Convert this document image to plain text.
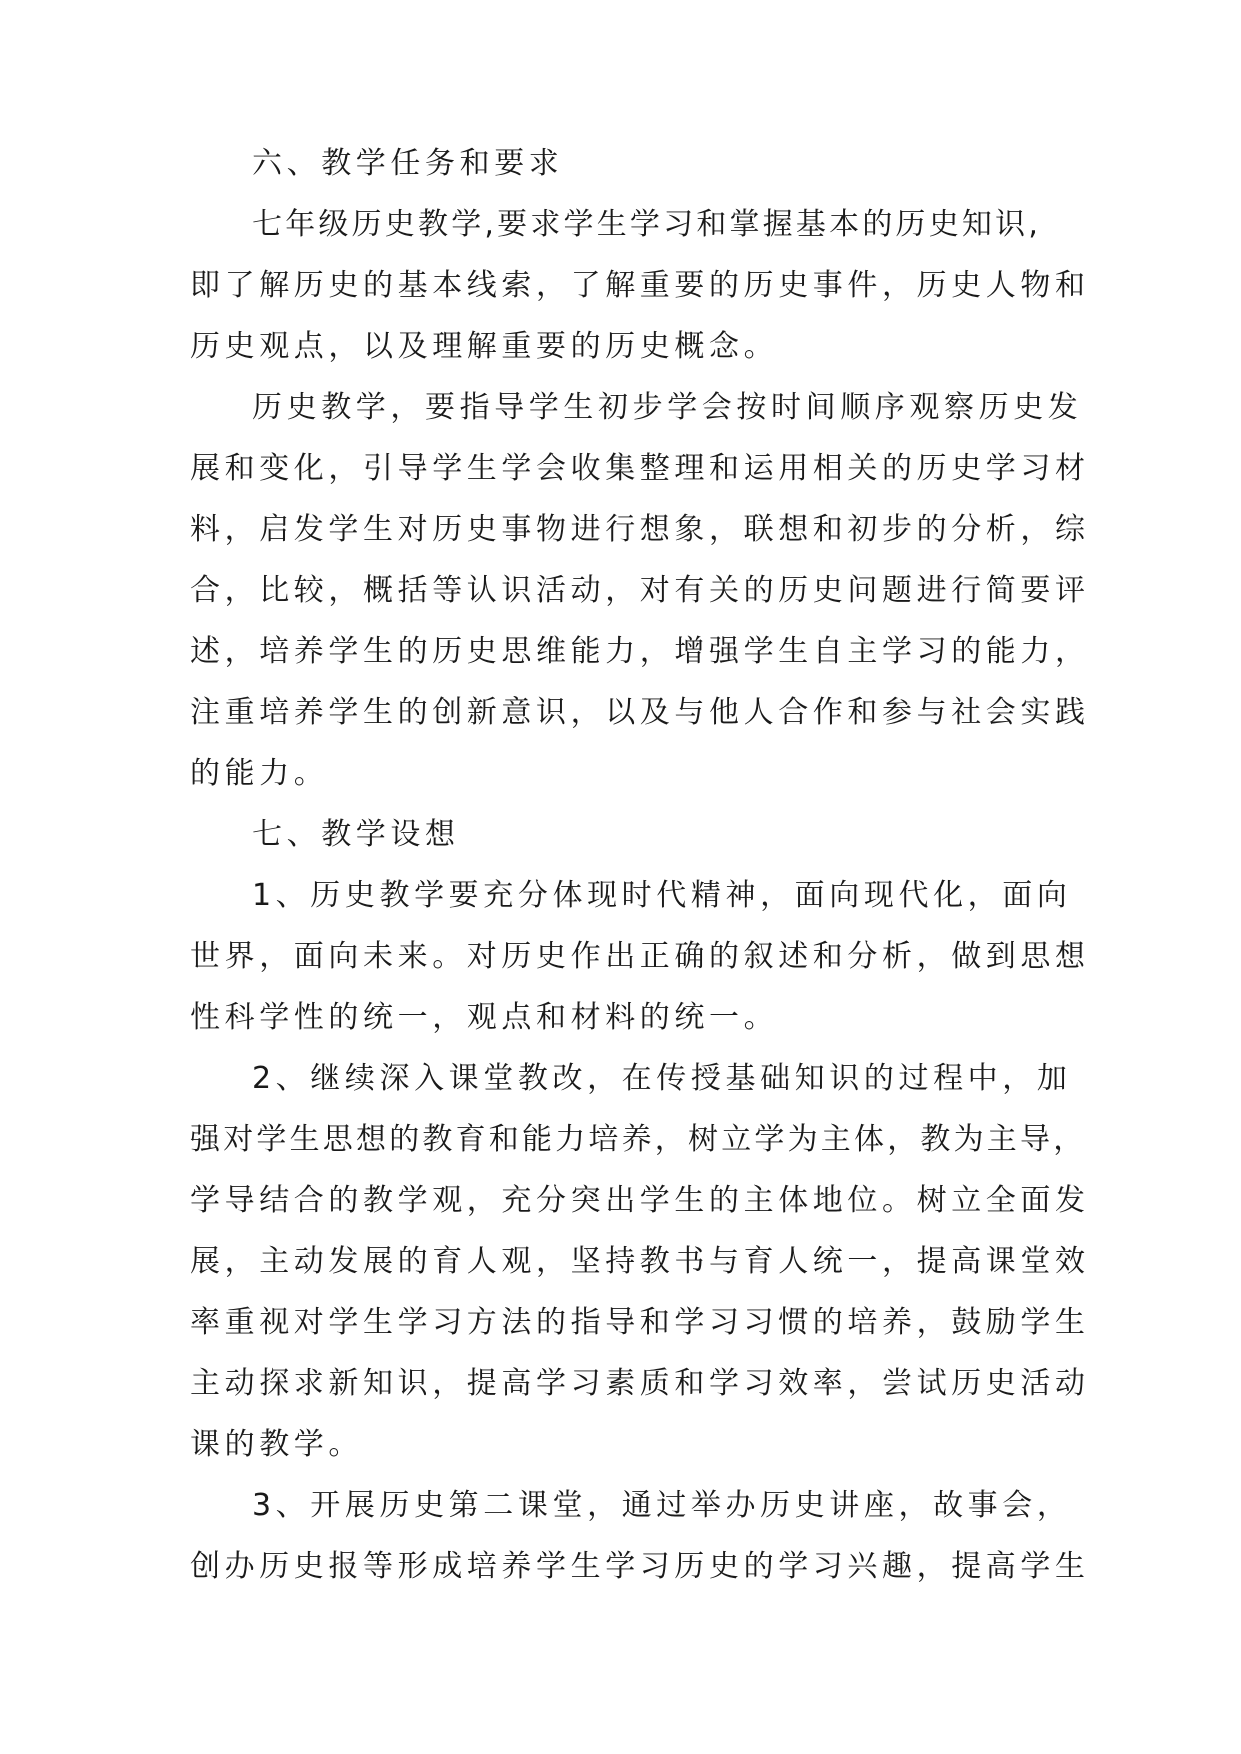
六、教学任务和要求

七年级历史教学,要求学生学习和掌握基本的历史知识,

即了解历史的基本线索，了解重要的历史事件，历史人物和

历史观点，以及理解重要的历史概念。

历史教学，要指导学生初步学会按时间顺序观察历史发

展和变化，引导学生学会收集整理和运用相关的历史学习材

料，启发学生对历史事物进行想象，联想和初步的分析，综

合，比较，概括等认识活动，对有关的历史问题进行简要评

述，培养学生的历史思维能力，增强学生自主学习的能力，

注重培养学生的创新意识，以及与他人合作和参与社会实践

的能力。

七、教学设想

1、历史教学要充分体现时代精神，面向现代化，面向

世界，面向未来。对历史作出正确的叙述和分析，做到思想

性科学性的统一，观点和材料的统一。

2、继续深入课堂教改，在传授基础知识的过程中，加

强对学生思想的教育和能力培养，树立学为主体，教为主导，

学导结合的教学观，充分突出学生的主体地位。树立全面发

展，主动发展的育人观，坚持教书与育人统一，提高课堂效

率重视对学生学习方法的指导和学习习惯的培养，鼓励学生

主动探求新知识，提高学习素质和学习效率，尝试历史活动

课的教学。

3、开展历史第二课堂，通过举办历史讲座，故事会，

创办历史报等形成培养学生学习历史的学习兴趣，提高学生
